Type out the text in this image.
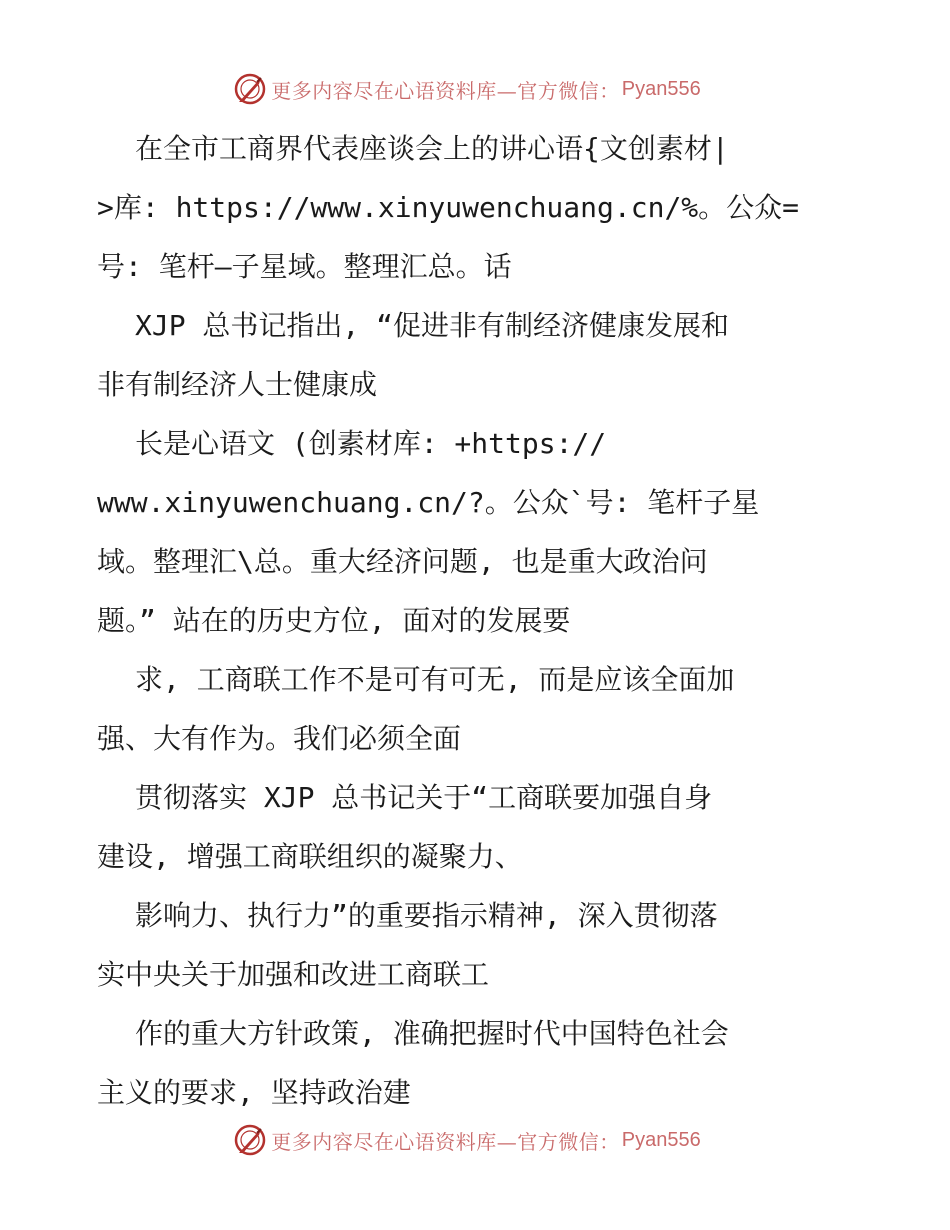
更多内容尽在心语资料库—官方微信： Pyan556
在全市工商界代表座谈会上的讲心语{文创素材|
>库: https://www.xinyuwenchuang.cn/%。公众=
号: 笔杆—子星域。整理汇总。话
XJP 总书记指出, “促进非有制经济健康发展和
非有制经济人士健康成
长是心语文 (创素材库: +https://
www.xinyuwenchuang.cn/?。公众`号: 笔杆子星
域。整理汇\总。重大经济问题, 也是重大政治问
题。” 站在的历史方位, 面对的发展要
求, 工商联工作不是可有可无, 而是应该全面加
强、大有作为。我们必须全面
贯彻落实 XJP 总书记关于“工商联要加强自身
建设, 增强工商联组织的凝聚力、
影响力、执行力”的重要指示精神, 深入贯彻落
实中央关于加强和改进工商联工
作的重大方针政策, 准确把握时代中国特色社会
主义的要求, 坚持政治建
更多内容尽在心语资料库—官方微信： Pyan556
